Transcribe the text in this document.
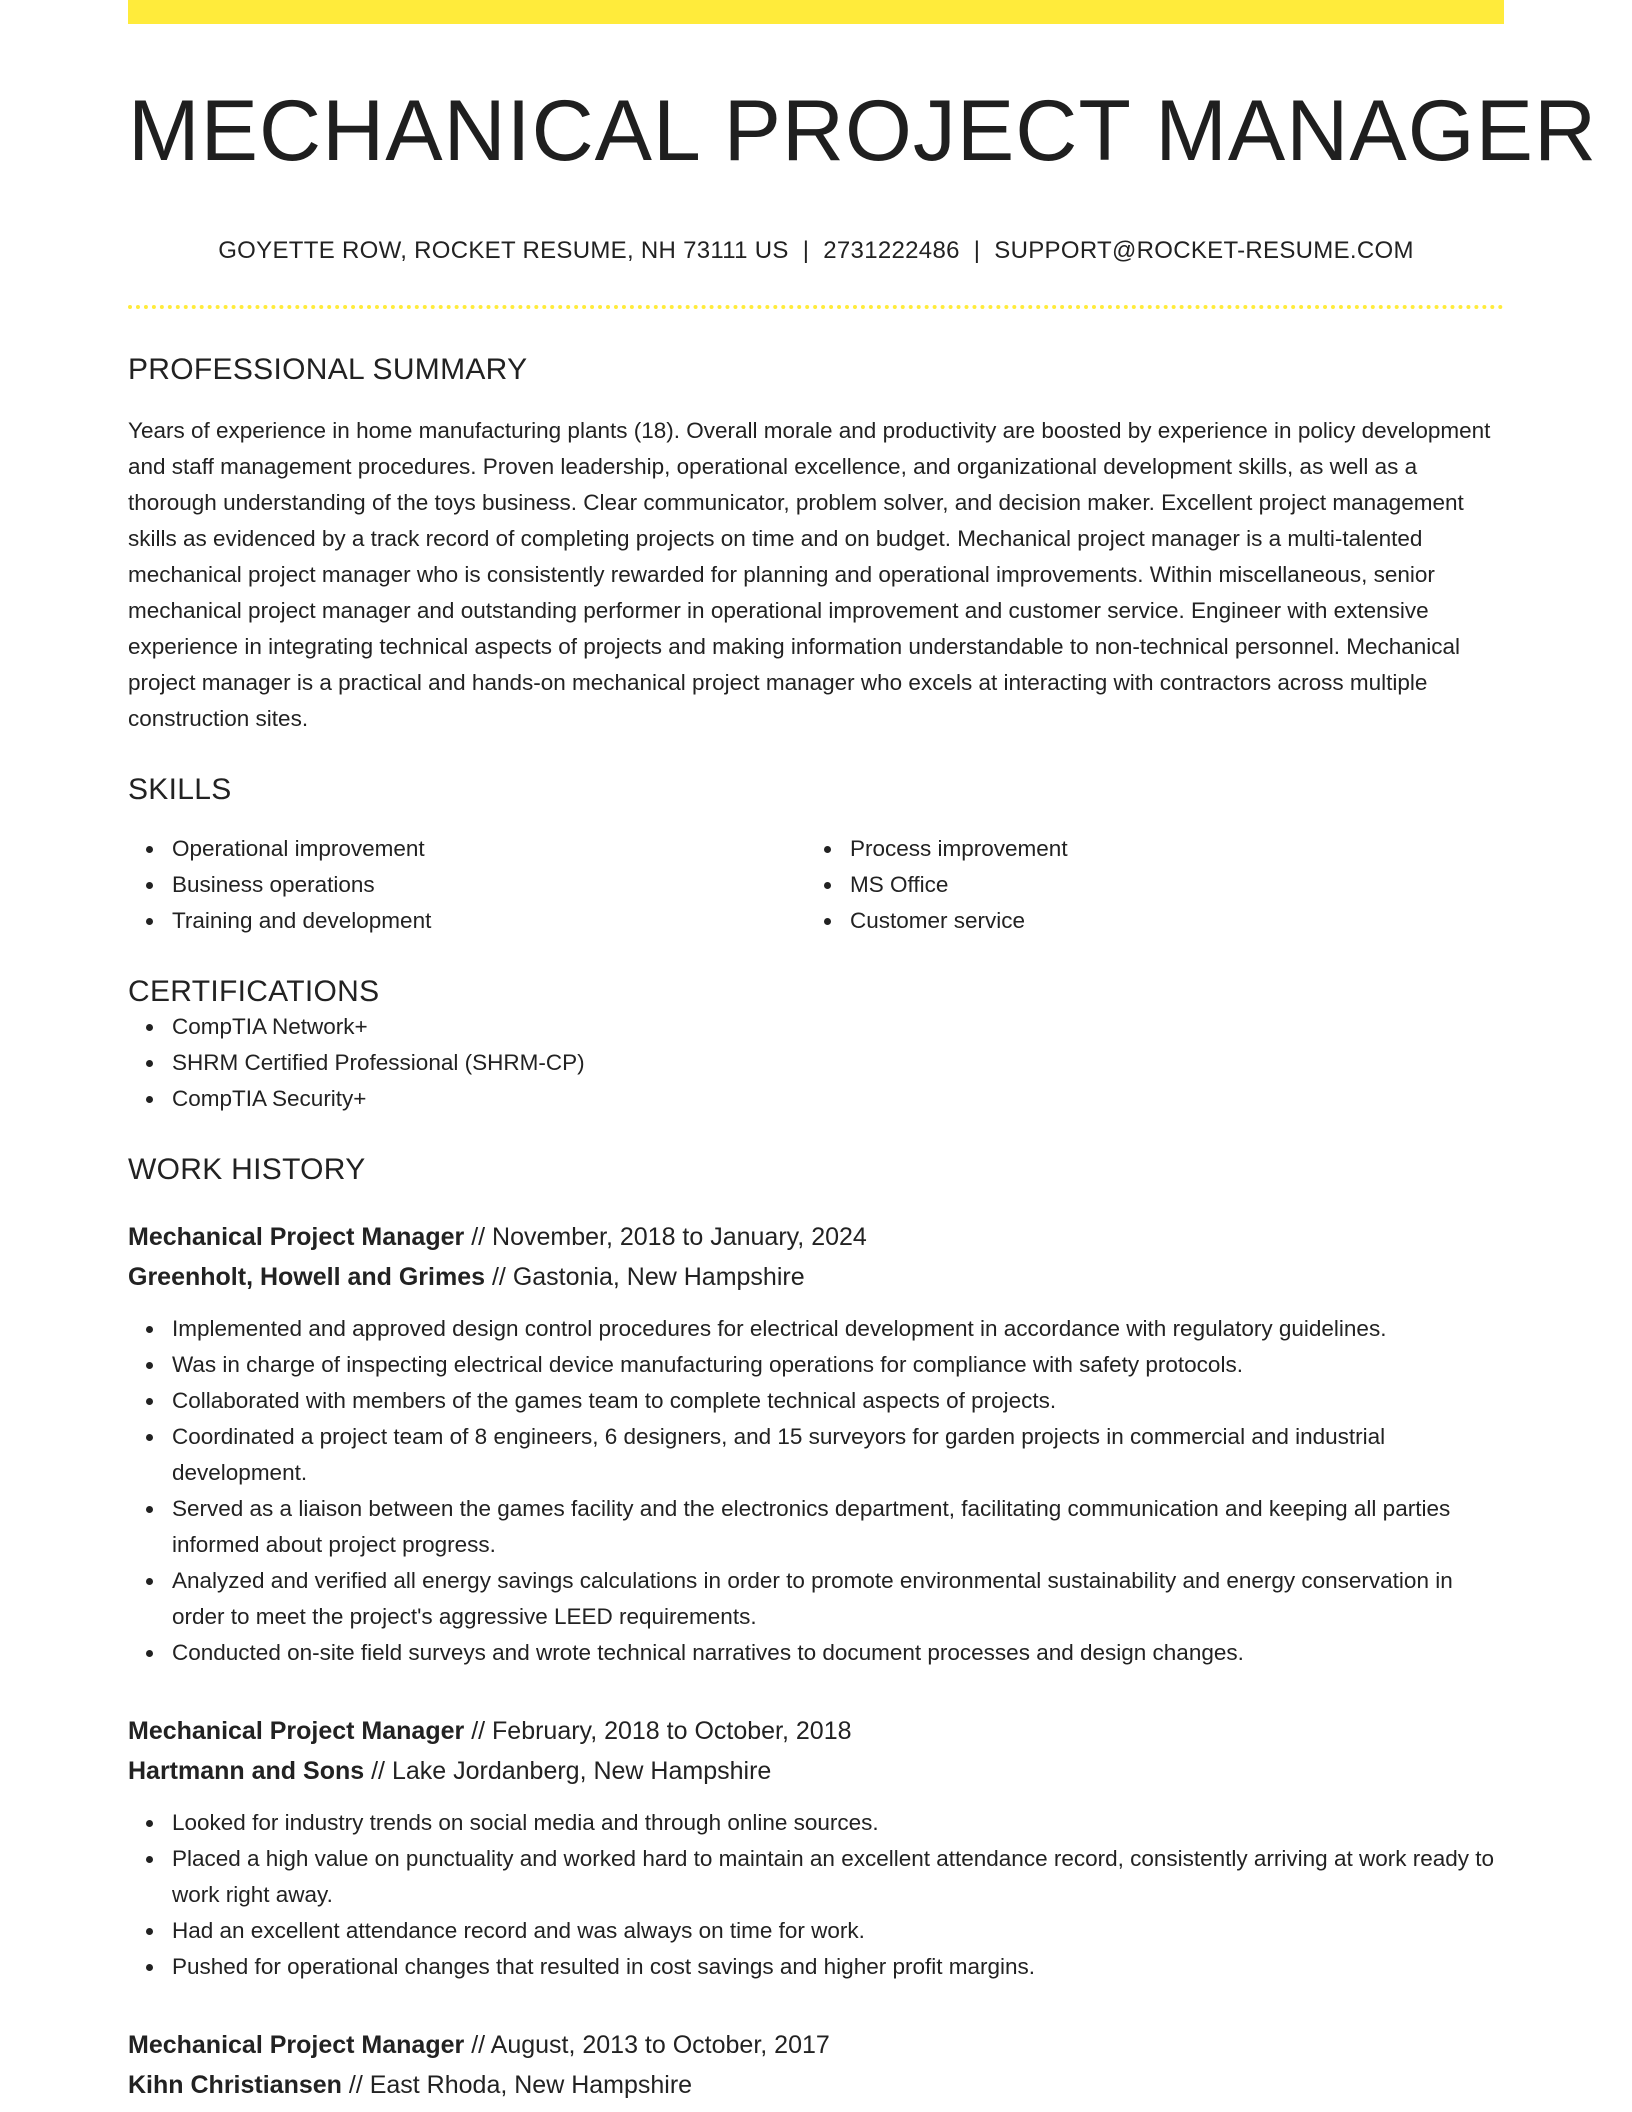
MECHANICAL PROJECT MANAGER
GOYETTE ROW, ROCKET RESUME, NH 73111 US | 2731222486 | SUPPORT@ROCKET-RESUME.COM
PROFESSIONAL SUMMARY
Years of experience in home manufacturing plants (18). Overall morale and productivity are boosted by experience in policy development and staff management procedures. Proven leadership, operational excellence, and organizational development skills, as well as a thorough understanding of the toys business. Clear communicator, problem solver, and decision maker. Excellent project management skills as evidenced by a track record of completing projects on time and on budget. Mechanical project manager is a multi-talented mechanical project manager who is consistently rewarded for planning and operational improvements. Within miscellaneous, senior mechanical project manager and outstanding performer in operational improvement and customer service. Engineer with extensive experience in integrating technical aspects of projects and making information understandable to non-technical personnel. Mechanical project manager is a practical and hands-on mechanical project manager who excels at interacting with contractors across multiple construction sites.
SKILLS
Operational improvement
Business operations
Training and development
Process improvement
MS Office
Customer service
CERTIFICATIONS
CompTIA Network+
SHRM Certified Professional (SHRM-CP)
CompTIA Security+
WORK HISTORY
Mechanical Project Manager // November, 2018 to January, 2024
Greenholt, Howell and Grimes // Gastonia, New Hampshire
Implemented and approved design control procedures for electrical development in accordance with regulatory guidelines.
Was in charge of inspecting electrical device manufacturing operations for compliance with safety protocols.
Collaborated with members of the games team to complete technical aspects of projects.
Coordinated a project team of 8 engineers, 6 designers, and 15 surveyors for garden projects in commercial and industrial development.
Served as a liaison between the games facility and the electronics department, facilitating communication and keeping all parties informed about project progress.
Analyzed and verified all energy savings calculations in order to promote environmental sustainability and energy conservation in order to meet the project's aggressive LEED requirements.
Conducted on-site field surveys and wrote technical narratives to document processes and design changes.
Mechanical Project Manager // February, 2018 to October, 2018
Hartmann and Sons // Lake Jordanberg, New Hampshire
Looked for industry trends on social media and through online sources.
Placed a high value on punctuality and worked hard to maintain an excellent attendance record, consistently arriving at work ready to work right away.
Had an excellent attendance record and was always on time for work.
Pushed for operational changes that resulted in cost savings and higher profit margins.
Mechanical Project Manager // August, 2013 to October, 2017
Kihn Christiansen // East Rhoda, New Hampshire
